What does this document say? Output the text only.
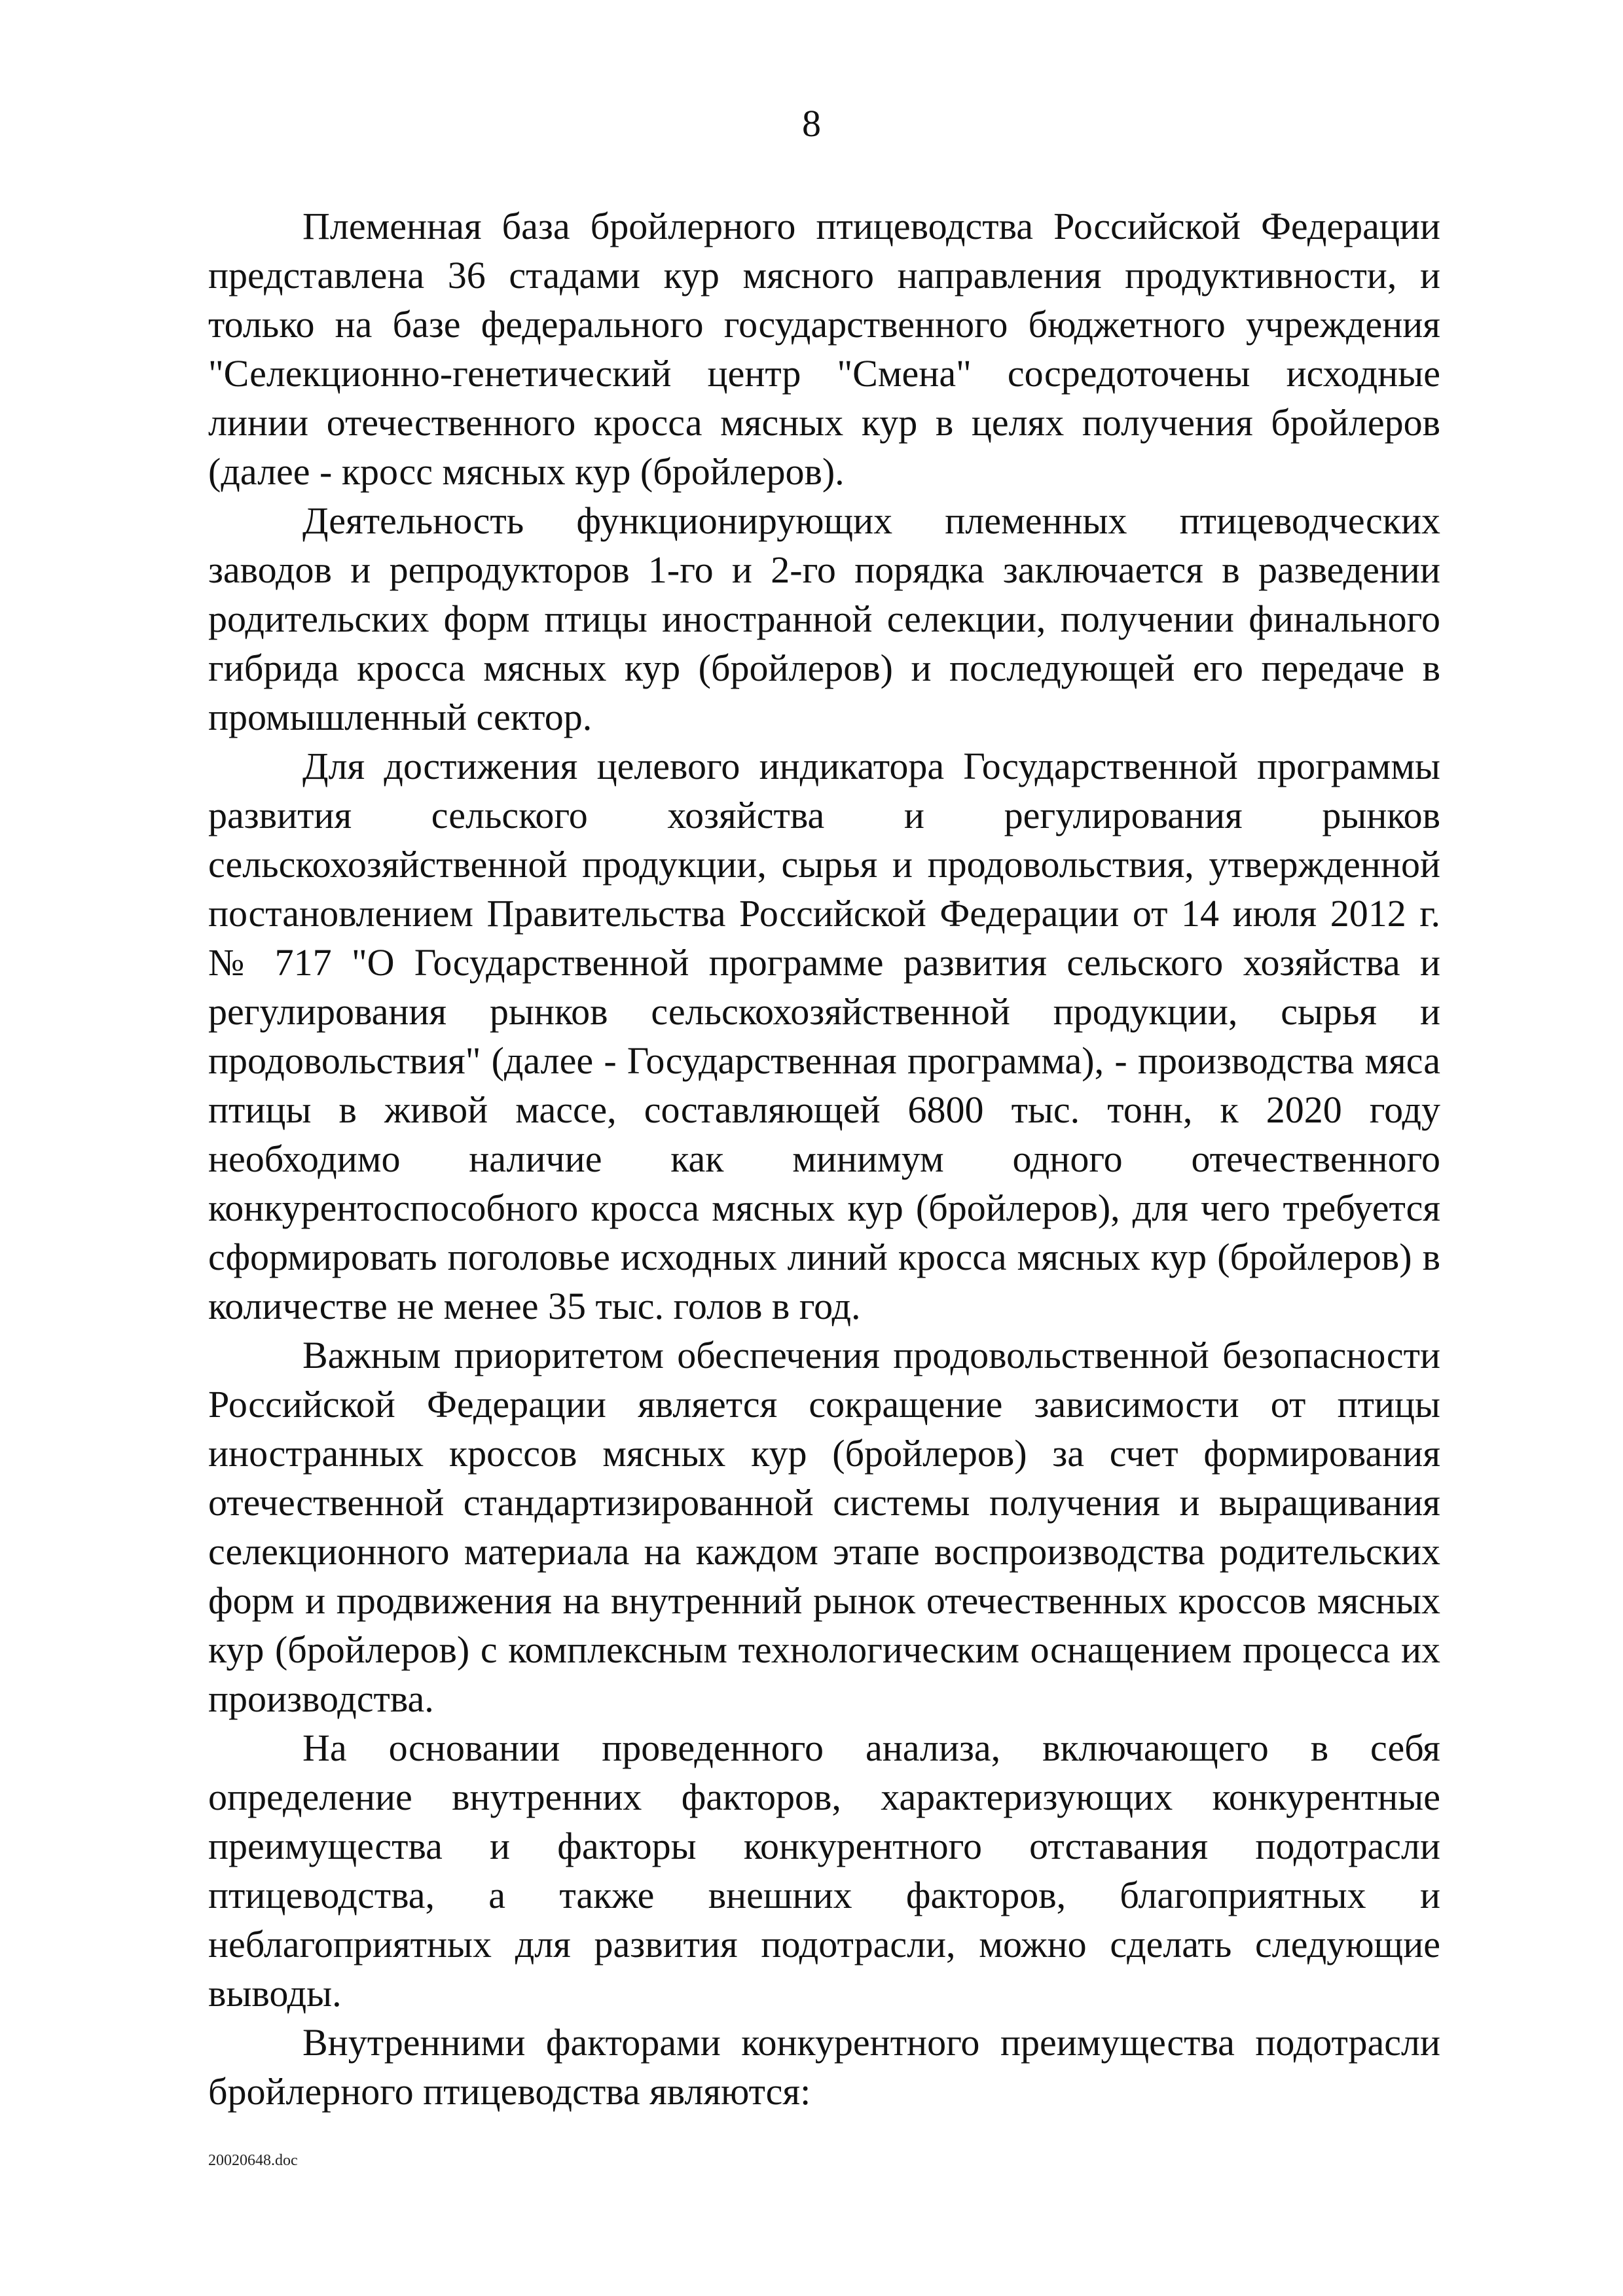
8

Племенная база бройлерного птицеводства Российской Федерации представлена 36 стадами кур мясного направления продуктивности, и только на базе федерального государственного бюджетного учреждения "Селекционно-генетический центр "Смена" сосредоточены исходные линии отечественного кросса мясных кур в целях получения бройлеров (далее - кросс мясных кур (бройлеров).

Деятельность функционирующих племенных птицеводческих заводов и репродукторов 1-го и 2-го порядка заключается в разведении родительских форм птицы иностранной селекции, получении финального гибрида кросса мясных кур (бройлеров) и последующей его передаче в промышленный сектор.

Для достижения целевого индикатора Государственной программы развития сельского хозяйства и регулирования рынков сельскохозяйственной продукции, сырья и продовольствия, утвержденной постановлением Правительства Российской Федерации от 14 июля 2012 г. № 717 "О Государственной программе развития сельского хозяйства и регулирования рынков сельскохозяйственной продукции, сырья и продовольствия" (далее - Государственная программа), - производства мяса птицы в живой массе, составляющей 6800 тыс. тонн, к 2020 году необходимо наличие как минимум одного отечественного конкурентоспособного кросса мясных кур (бройлеров), для чего требуется сформировать поголовье исходных линий кросса мясных кур (бройлеров) в количестве не менее 35 тыс. голов в год.

Важным приоритетом обеспечения продовольственной безопасности Российской Федерации является сокращение зависимости от птицы иностранных кроссов мясных кур (бройлеров) за счет формирования отечественной стандартизированной системы получения и выращивания селекционного материала на каждом этапе воспроизводства родительских форм и продвижения на внутренний рынок отечественных кроссов мясных кур (бройлеров) с комплексным технологическим оснащением процесса их производства.

На основании проведенного анализа, включающего в себя определение внутренних факторов, характеризующих конкурентные преимущества и факторы конкурентного отставания подотрасли птицеводства, а также внешних факторов, благоприятных и неблагоприятных для развития подотрасли, можно сделать следующие выводы.

Внутренними факторами конкурентного преимущества подотрасли бройлерного птицеводства являются:

20020648.doc
